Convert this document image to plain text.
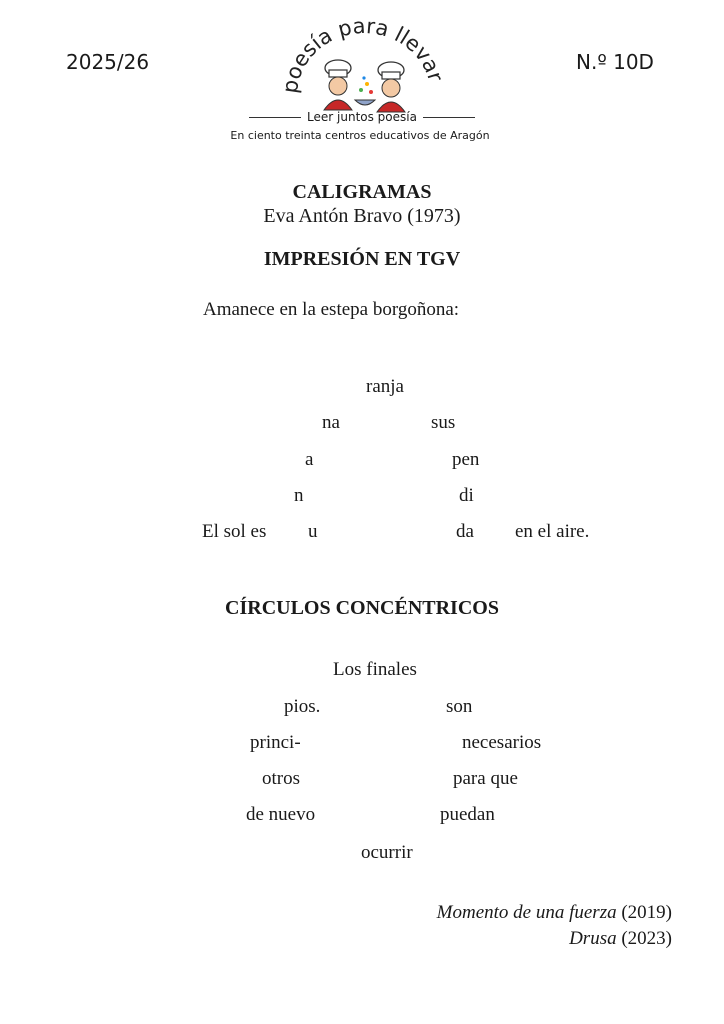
2025/26	N.º 10D
oesía para lleva
Leer juntos poesía
En ciento treinta centros educativos de Aragón
CALIGRAMAS
Eva Antón Bravo (1973)
IMPRESIÓN EN TGV
Amanece en la estepa borgoñona:
ranja
na
a
n
u
sus
pen
di
da
El sol es	en el aire.
CÍRCULOS CONCÉNTRICOS
Los finales
pios.
princi-
otros
de nuevo
son
necesarios
para que
puedan
ocurrir
Momento de una fuerza (2019)
Drusa (2023)
